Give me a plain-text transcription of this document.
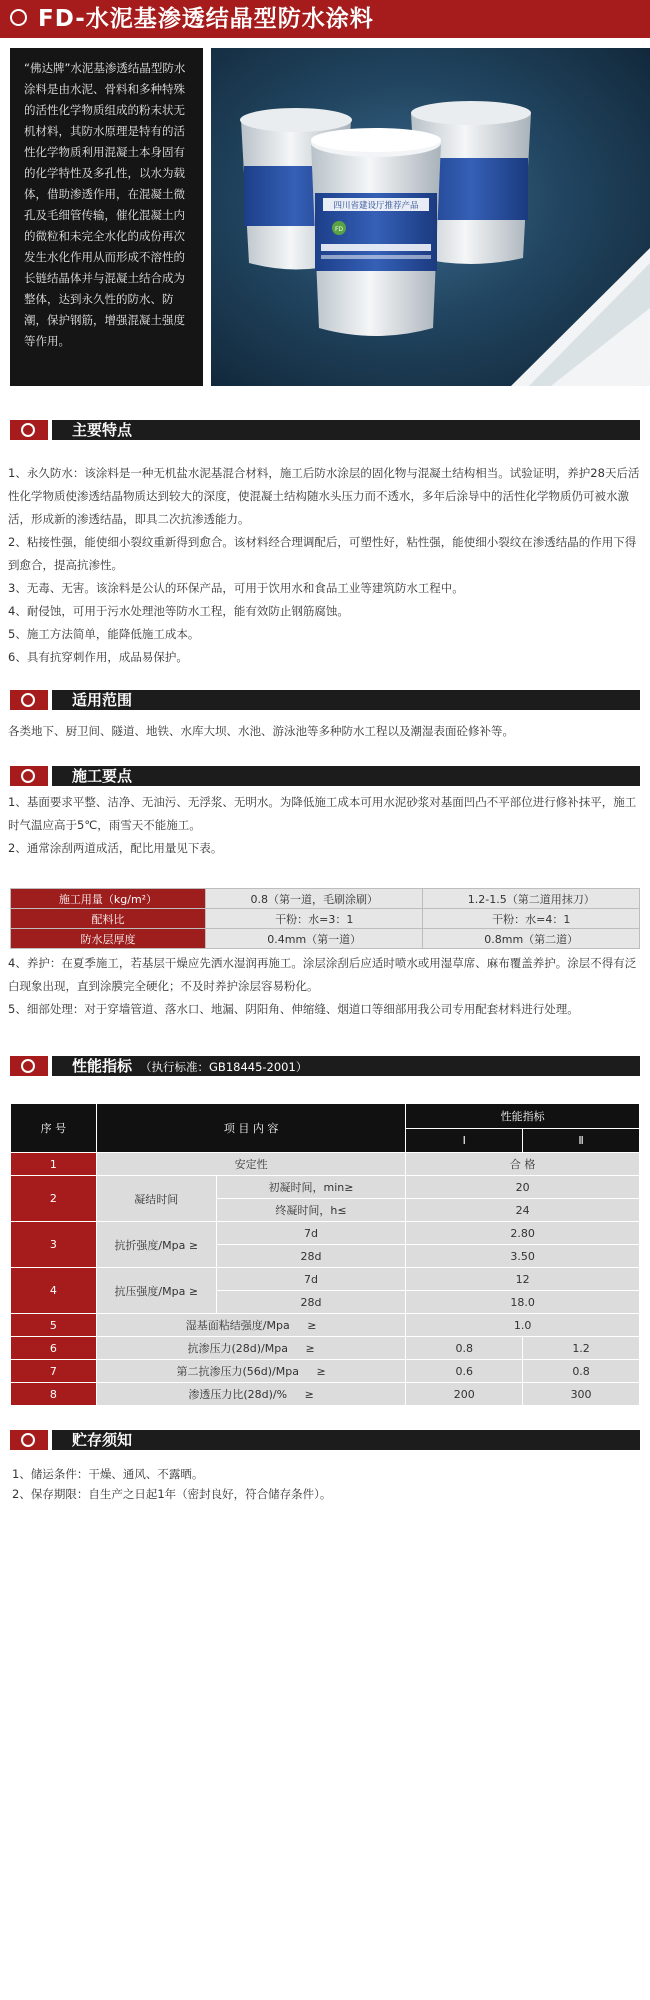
FD-水泥基渗透结晶型防水涂料
“佛达牌”水泥基渗透结晶型防水涂料是由水泥、骨料和多种特殊的活性化学物质组成的粉末状无机材料，其防水原理是特有的活性化学物质利用混凝土本身固有的化学特性及多孔性，以水为载体，借助渗透作用，在混凝土微孔及毛细管传输，催化混凝土内的微粒和未完全水化的成份再次发生水化作用从而形成不溶性的长链结晶体并与混凝土结合成为整体，达到永久性的防水、防潮，保护钢筋，增强混凝土强度等作用。
四川省建设厅推荐产品
FD
主要特点

1、永久防水：该涂料是一种无机盐水泥基混合材料，施工后防水涂层的固化物与混凝土结构相当。试验证明，养护28天后活性化学物质使渗透结晶物质达到较大的深度，使混凝土结构随水头压力而不透水，多年后涂导中的活性化学物质仍可被水激活，形成新的渗透结晶，即具二次抗渗透能力。

2、粘接性强，能使细小裂纹重新得到愈合。该材料经合理调配后，可塑性好，粘性强，能使细小裂纹在渗透结晶的作用下得到愈合，提高抗渗性。

3、无毒、无害。该涂料是公认的环保产品，可用于饮用水和食品工业等建筑防水工程中。

4、耐侵蚀，可用于污水处理池等防水工程，能有效防止钢筋腐蚀。

5、施工方法简单，能降低施工成本。

6、具有抗穿刺作用，成品易保护。

适用范围

各类地下、厨卫间、隧道、地铁、水库大坝、水池、游泳池等多种防水工程以及潮湿表面砼修补等。

施工要点

1、基面要求平整、洁净、无油污、无浮浆、无明水。为降低施工成本可用水泥砂浆对基面凹凸不平部位进行修补抹平，施工时气温应高于5℃，雨雪天不能施工。

2、通常涂刮两道成活，配比用量见下表。

施工用量（kg/m²）	0.8（第一道，毛刷涂刷）	1.2-1.5（第二道用抹刀）
配料比	干粉：水=3：1	干粉：水=4：1
防水层厚度	0.4mm（第一道）	0.8mm（第二道）

4、养护：在夏季施工，若基层干燥应先洒水湿润再施工。涂层涂刮后应适时喷水或用湿草席、麻布覆盖养护。涂层不得有泛白现象出现，直到涂膜完全硬化；不及时养护涂层容易粉化。

5、细部处理：对于穿墙管道、落水口、地漏、阴阳角、伸缩缝、烟道口等细部用我公司专用配套材料进行处理。

性能指标 （执行标准：GB18445-2001）
序 号	项 目 内 容		性能指标	
			Ⅰ	Ⅱ
1	安定性		合 格	
2	凝结时间	初凝时间，min≥	20	
		终凝时间，h≤	24	
3	抗折强度/Mpa ≥	7d	2.80	
		28d	3.50	
4	抗压强度/Mpa ≥	7d	12	
		28d	18.0	
5	湿基面粘结强度/Mpa ≥		1.0	
6	抗渗压力(28d)/Mpa ≥		0.8	1.2
7	第二抗渗压力(56d)/Mpa ≥		0.6	0.8
8	渗透压力比(28d)/% ≥		200	300
贮存须知

1、储运条件：干燥、通风、不露晒。

2、保存期限：自生产之日起1年（密封良好，符合储存条件）。
